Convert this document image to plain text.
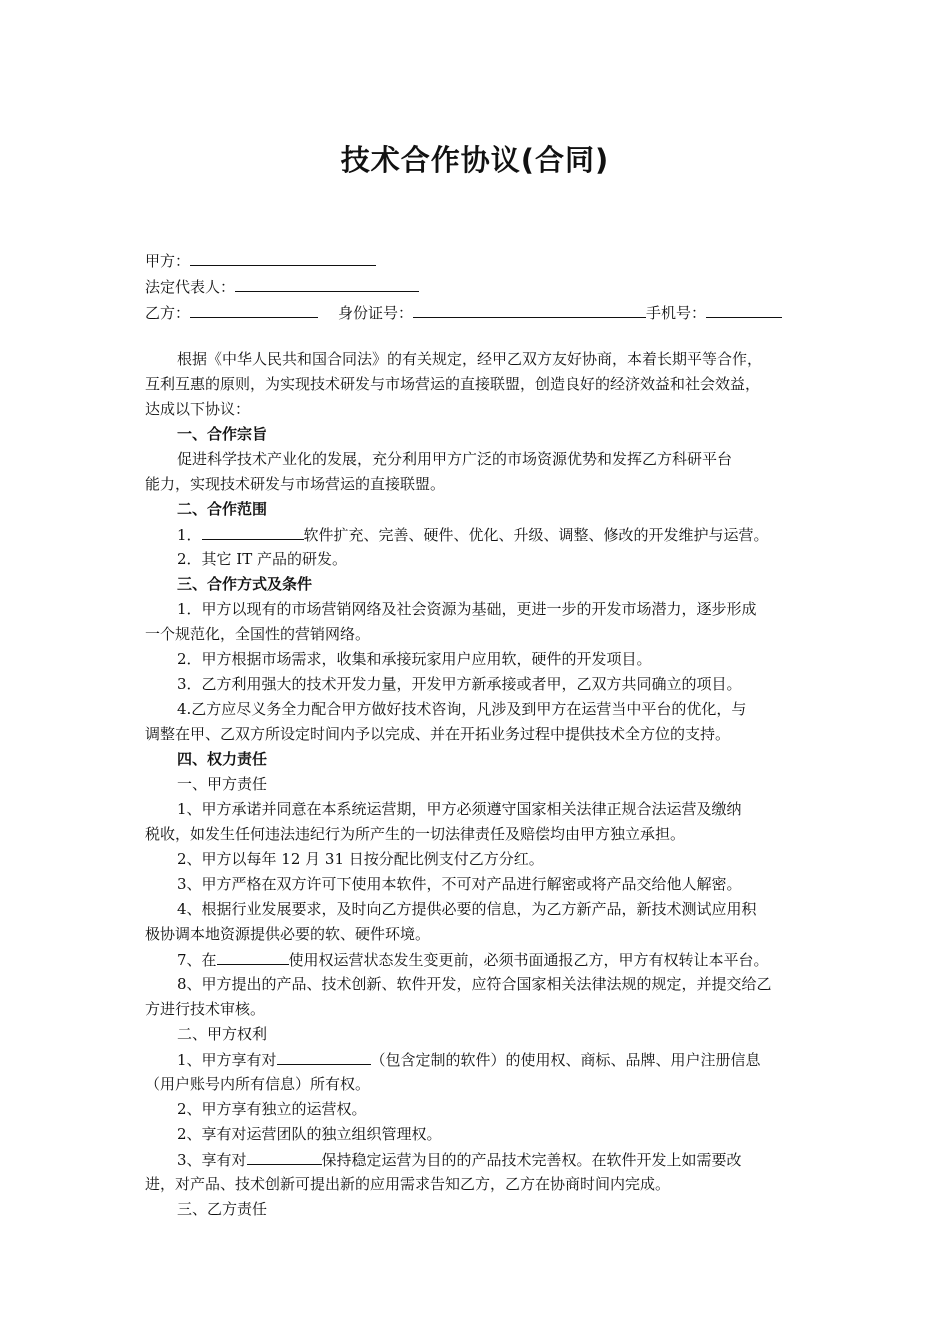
技术合作协议(合同)
甲方：
法定代表人：
乙方：	身份证号：	手机号：
根据《中华人民共和国合同法》的有关规定，经甲乙双方友好协商，本着长期平等合作，
互利互惠的原则，为实现技术研发与市场营运的直接联盟，创造良好的经济效益和社会效益，
达成以下协议：
一、合作宗旨
促进科学技术产业化的发展，充分利用甲方广泛的市场资源优势和发挥乙方科研平台
能力，实现技术研发与市场营运的直接联盟。
二、合作范围
1．	软件扩充、完善、硬件、优化、升级、调整、修改的开发维护与运营。
2．其它 IT 产品的研发。
三、合作方式及条件
1．甲方以现有的市场营销网络及社会资源为基础，更进一步的开发市场潜力，逐步形成
一个规范化，全国性的营销网络。
2．甲方根据市场需求，收集和承接玩家用户应用软，硬件的开发项目。
3．乙方利用强大的技术开发力量，开发甲方新承接或者甲，乙双方共同确立的项目。
4.乙方应尽义务全力配合甲方做好技术咨询，凡涉及到甲方在运营当中平台的优化，与
调整在甲、乙双方所设定时间内予以完成、并在开拓业务过程中提供技术全方位的支持。
四、权力责任
一、甲方责任
1、甲方承诺并同意在本系统运营期，甲方必须遵守国家相关法律正规合法运营及缴纳
税收，如发生任何违法违纪行为所产生的一切法律责任及赔偿均由甲方独立承担。
2、甲方以每年 12 月 31 日按分配比例支付乙方分红。
3、甲方严格在双方许可下使用本软件，不可对产品进行解密或将产品交给他人解密。
4、根据行业发展要求，及时向乙方提供必要的信息，为乙方新产品，新技术测试应用积
极协调本地资源提供必要的软、硬件环境。
7、在	使用权运营状态发生变更前，必须书面通报乙方，甲方有权转让本平台。
8、甲方提出的产品、技术创新、软件开发，应符合国家相关法律法规的规定，并提交给乙
方进行技术审核。
二、甲方权利
1、甲方享有对	（包含定制的软件）的使用权、商标、品牌、用户注册信息
（用户账号内所有信息）所有权。
2、甲方享有独立的运营权。
2、享有对运营团队的独立组织管理权。
3、享有对	保持稳定运营为目的的产品技术完善权。在软件开发上如需要改
进，对产品、技术创新可提出新的应用需求告知乙方，乙方在协商时间内完成。
三、乙方责任
